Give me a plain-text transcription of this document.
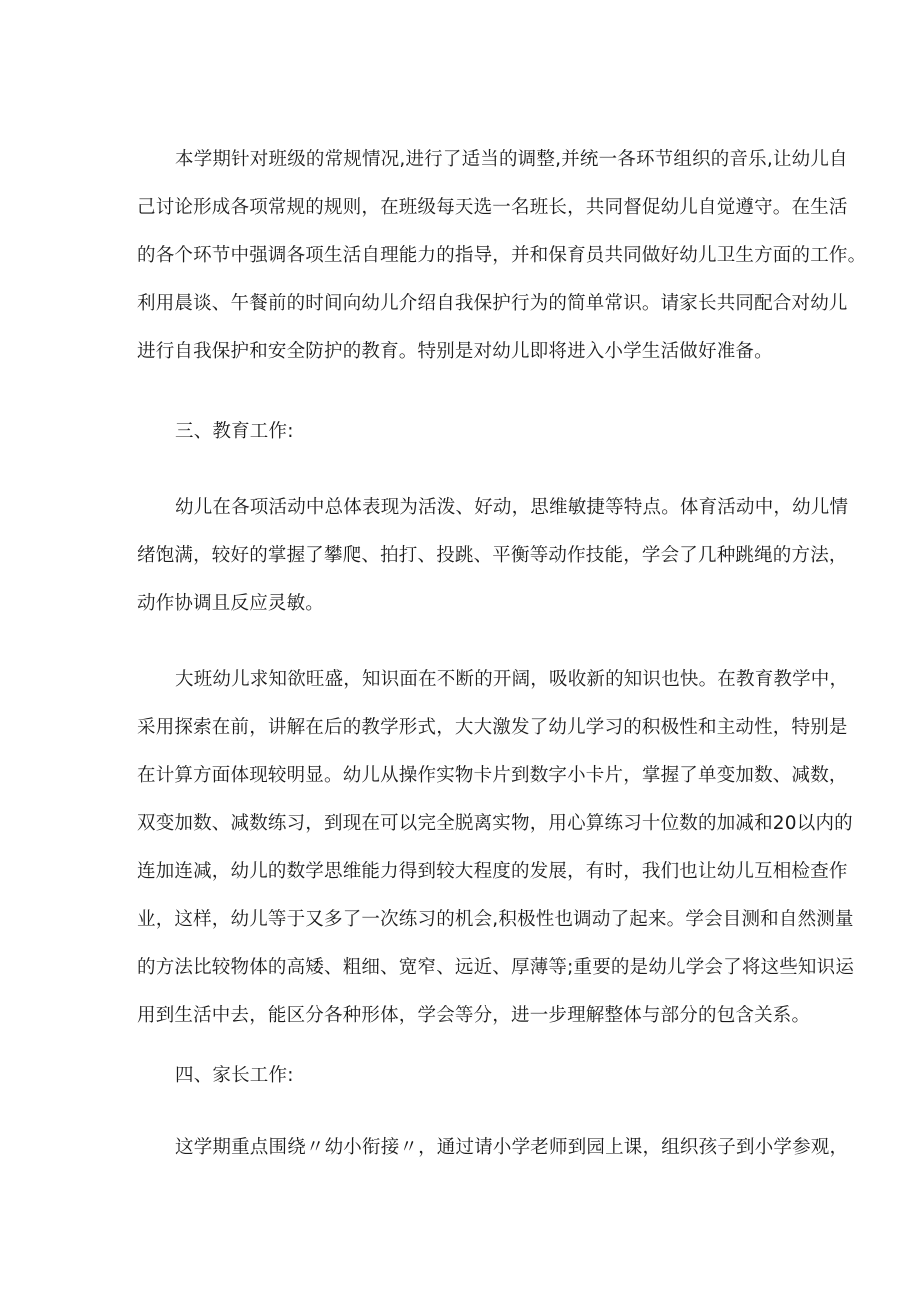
本学期针对班级的常规情况,进行了适当的调整,并统一各环节组织的音乐,让幼儿自
己讨论形成各项常规的规则，在班级每天选一名班长，共同督促幼儿自觉遵守。在生活
的各个环节中强调各项生活自理能力的指导，并和保育员共同做好幼儿卫生方面的工作。
利用晨谈、午餐前的时间向幼儿介绍自我保护行为的简单常识。请家长共同配合对幼儿
进行自我保护和安全防护的教育。特别是对幼儿即将进入小学生活做好准备。
三、教育工作:
幼儿在各项活动中总体表现为活泼、好动，思维敏捷等特点。体育活动中，幼儿情
绪饱满，较好的掌握了攀爬、拍打、投跳、平衡等动作技能，学会了几种跳绳的方法，
动作协调且反应灵敏。
大班幼儿求知欲旺盛，知识面在不断的开阔，吸收新的知识也快。在教育教学中，
采用探索在前，讲解在后的教学形式，大大激发了幼儿学习的积极性和主动性，特别是
在计算方面体现较明显。幼儿从操作实物卡片到数字小卡片，掌握了单变加数、减数，
双变加数、减数练习，到现在可以完全脱离实物，用心算练习十位数的加减和20以内的
连加连减，幼儿的数学思维能力得到较大程度的发展，有时，我们也让幼儿互相检查作
业，这样，幼儿等于又多了一次练习的机会,积极性也调动了起来。学会目测和自然测量
的方法比较物体的高矮、粗细、宽窄、远近、厚薄等;重要的是幼儿学会了将这些知识运
用到生活中去，能区分各种形体，学会等分，进一步理解整体与部分的包含关系。
四、家长工作:
这学期重点围绕〃幼小衔接〃，通过请小学老师到园上课，组织孩子到小学参观，
